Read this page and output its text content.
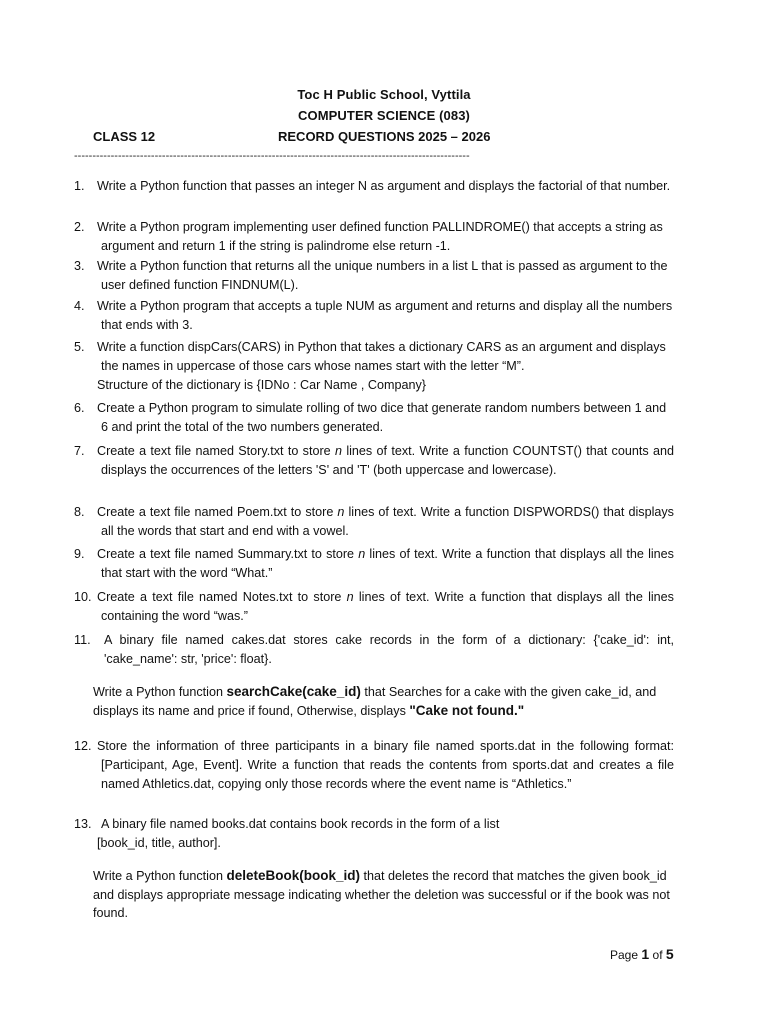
Toc H Public School, Vyttila
COMPUTER SCIENCE (083)
CLASS 12	RECORD QUESTIONS 2025 – 2026
------------------------------------------------------------------------------------------------------------
1. Write a Python function that passes an integer N as argument and displays the factorial of that number.
2. Write a Python program implementing user defined function PALLINDROME() that accepts a string as argument and return 1 if the string is palindrome else return -1.
3. Write a Python function that returns all the unique numbers in a list L that is passed as argument to the user defined function FINDNUM(L).
4. Write a Python program that accepts a tuple NUM as argument and returns and display all the numbers that ends with 3.
5. Write a function dispCars(CARS) in Python that takes a dictionary CARS as an argument and displays the names in uppercase of those cars whose names start with the letter “M”.
Structure of the dictionary is {IDNo : Car Name , Company}
6. Create a Python program to simulate rolling of two dice that generate random numbers between 1 and 6 and print the total of the two numbers generated.
7. Create a text file named Story.txt to store n lines of text. Write a function COUNTST() that counts and displays the occurrences of the letters 'S' and 'T' (both uppercase and lowercase).
8. Create a text file named Poem.txt to store n lines of text. Write a function DISPWORDS() that displays all the words that start and end with a vowel.
9. Create a text file named Summary.txt to store n lines of text. Write a function that displays all the lines that start with the word “What.”
10. Create a text file named Notes.txt to store n lines of text. Write a function that displays all the lines containing the word “was.”
11. A binary file named cakes.dat stores cake records in the form of a dictionary: {'cake_id': int, 'cake_name': str, 'price': float}.
Write a Python function searchCake(cake_id) that Searches for a cake with the given cake_id, and displays its name and price if found, Otherwise, displays "Cake not found."
12. Store the information of three participants in a binary file named sports.dat in the following format: [Participant, Age, Event]. Write a function that reads the contents from sports.dat and creates a file named Athletics.dat, copying only those records where the event name is “Athletics.”
13. A binary file named books.dat contains book records in the form of a list
[book_id, title, author].
Write a Python function deleteBook(book_id) that deletes the record that matches the given book_id and displays appropriate message indicating whether the deletion was successful or if the book was not found.
Page 1 of 5
